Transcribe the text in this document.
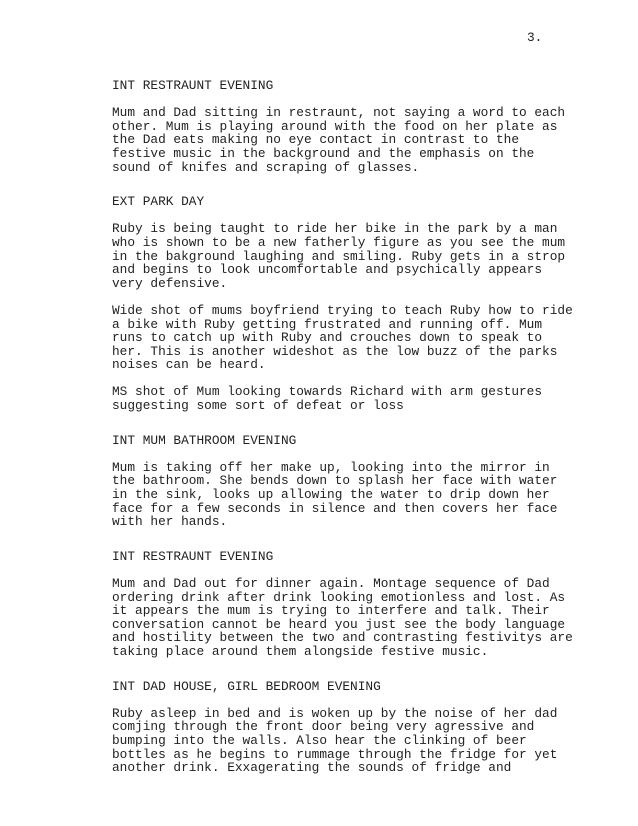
3.
INT RESTRAUNT EVENING
Mum and Dad sitting in restraunt, not saying a word to each
other. Mum is playing around with the food on her plate as
the Dad eats making no eye contact in contrast to the
festive music in the background and the emphasis on the
sound of knifes and scraping of glasses.
EXT PARK DAY
Ruby is being taught to ride her bike in the park by a man
who is shown to be a new fatherly figure as you see the mum
in the bakground laughing and smiling. Ruby gets in a strop
and begins to look uncomfortable and psychically appears
very defensive.
Wide shot of mums boyfriend trying to teach Ruby how to ride
a bike with Ruby getting frustrated and running off. Mum
runs to catch up with Ruby and crouches down to speak to
her. This is another wideshot as the low buzz of the parks
noises can be heard.
MS shot of Mum looking towards Richard with arm gestures
suggesting some sort of defeat or loss
INT MUM BATHROOM EVENING
Mum is taking off her make up, looking into the mirror in
the bathroom. She bends down to splash her face with water
in the sink, looks up allowing the water to drip down her
face for a few seconds in silence and then covers her face
with her hands.
INT RESTRAUNT EVENING
Mum and Dad out for dinner again. Montage sequence of Dad
ordering drink after drink looking emotionless and lost. As
it appears the mum is trying to interfere and talk. Their
conversation cannot be heard you just see the body language
and hostility between the two and contrasting festivitys are
taking place around them alongside festive music.
INT DAD HOUSE, GIRL BEDROOM EVENING
Ruby asleep in bed and is woken up by the noise of her dad
comjing through the front door being very agressive and
bumping into the walls. Also hear the clinking of beer
bottles as he begins to rummage through the fridge for yet
another drink. Exxagerating the sounds of fridge and
